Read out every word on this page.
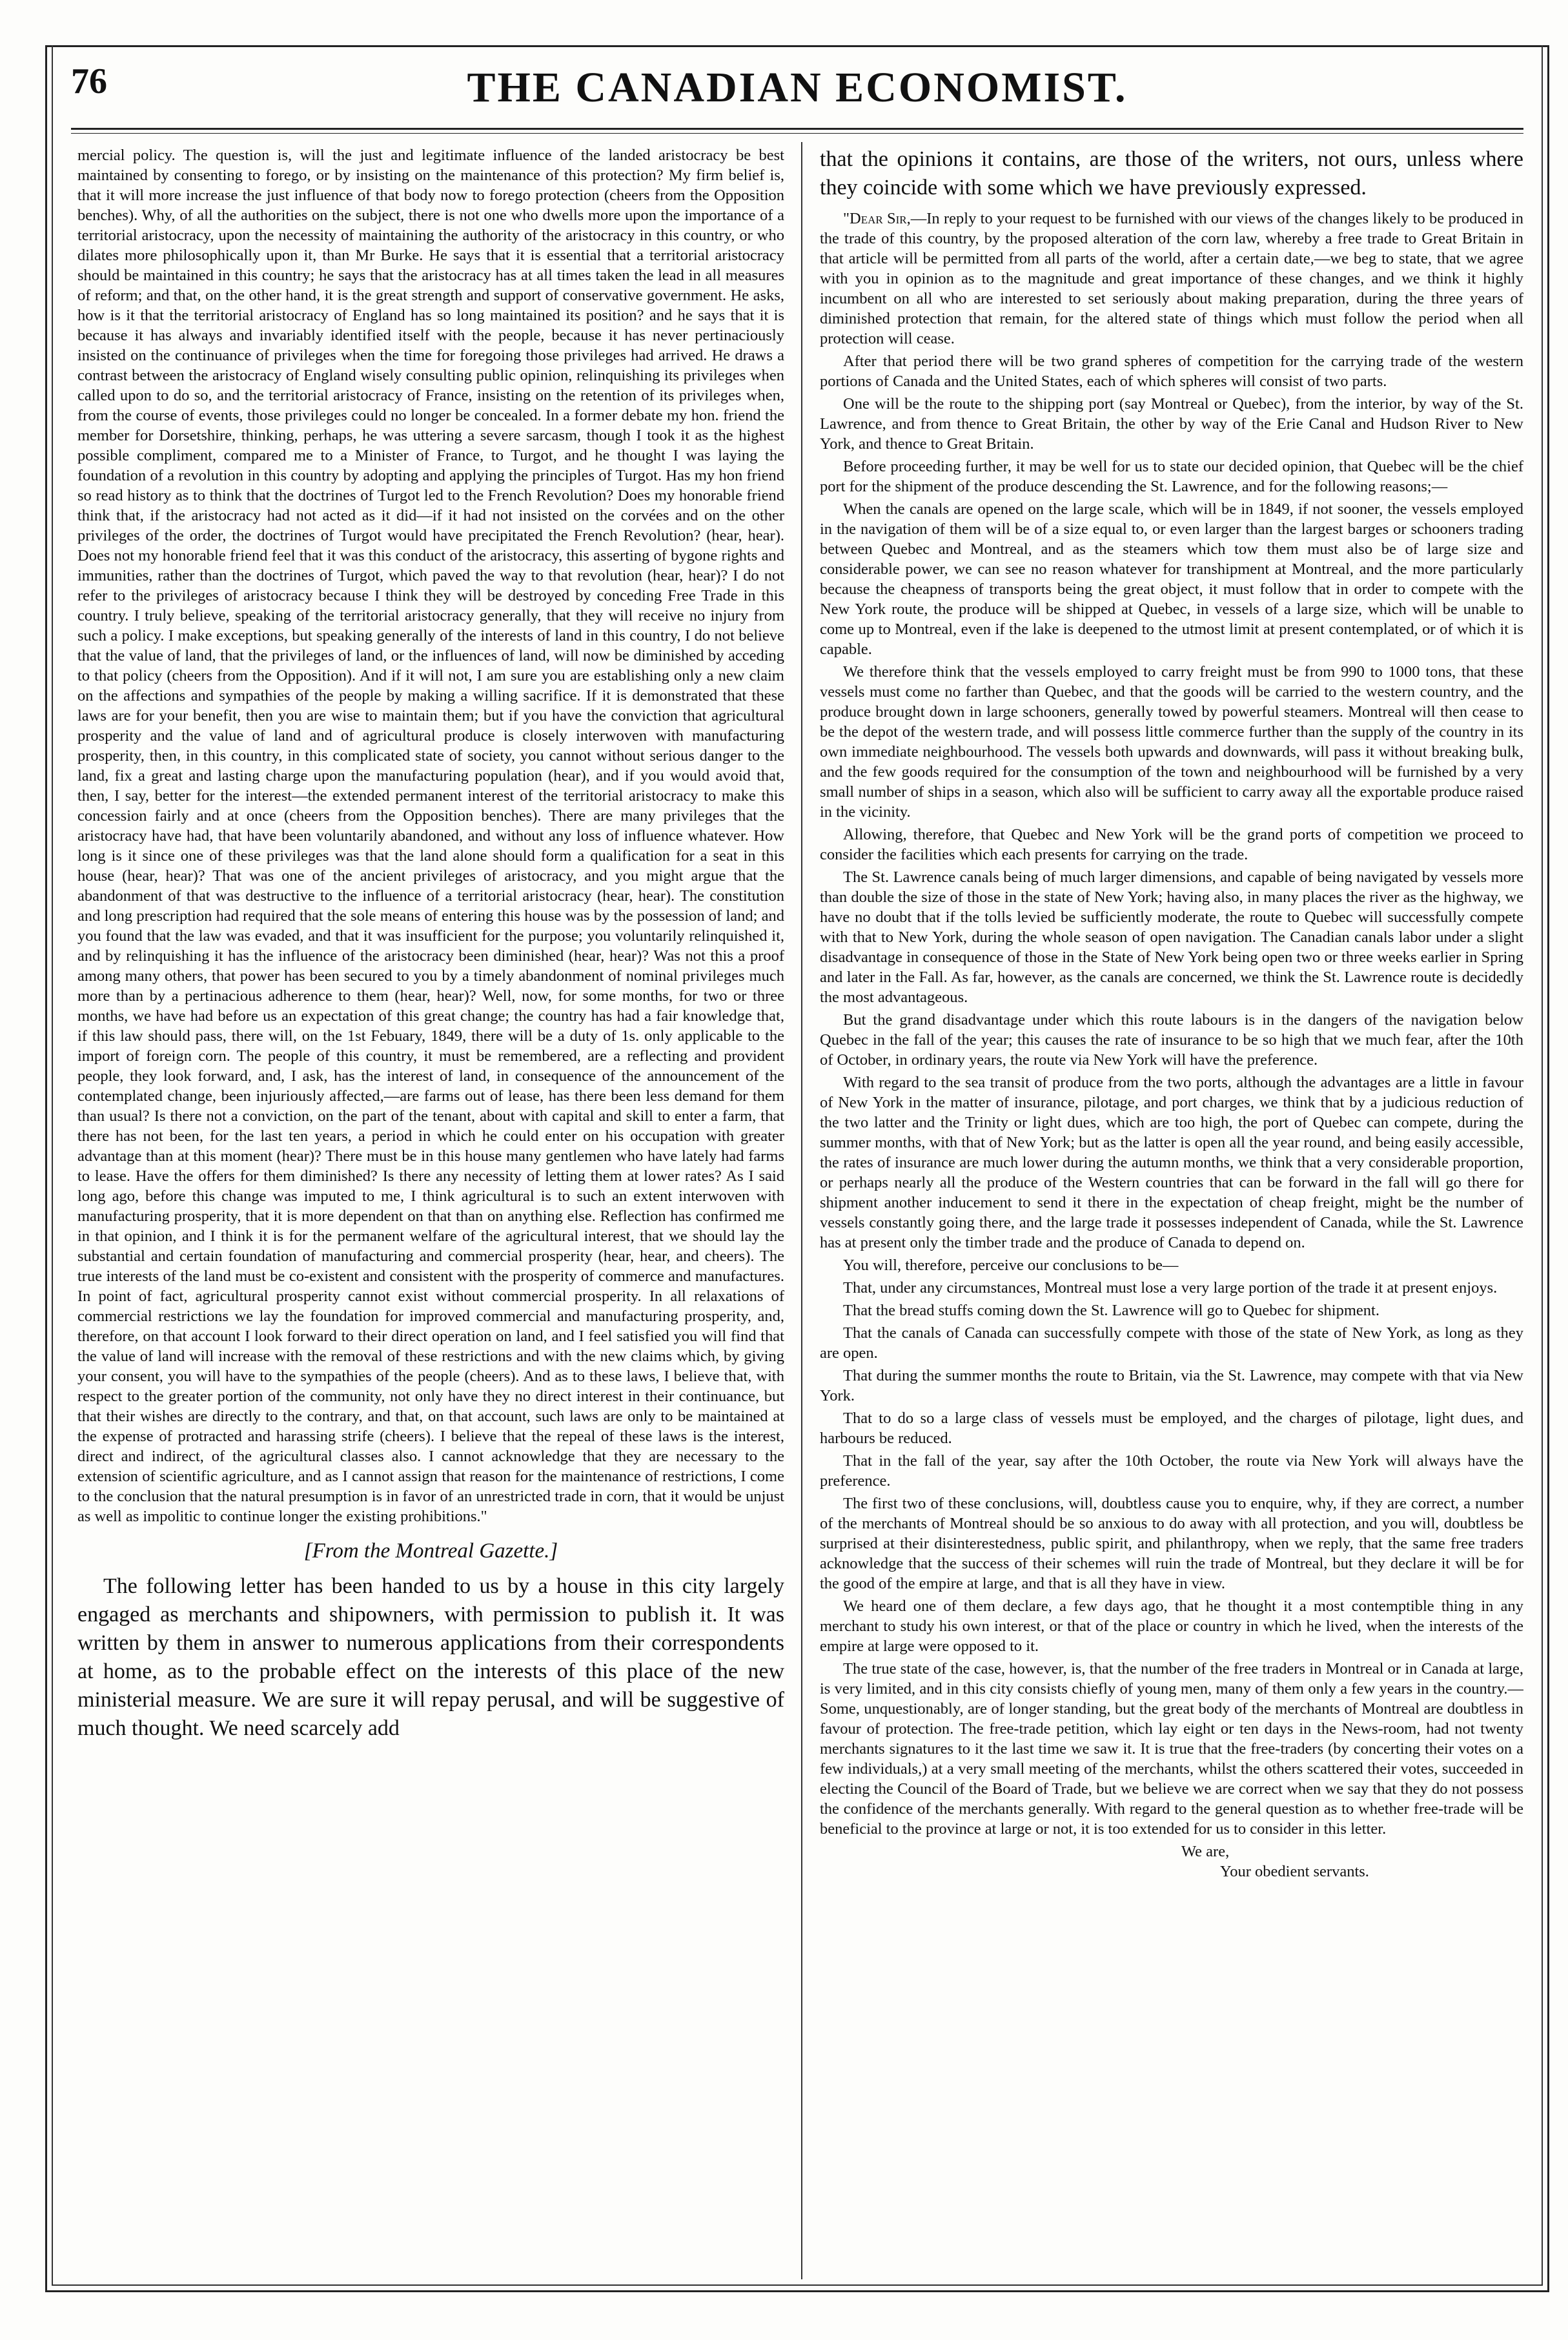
76	THE CANADIAN ECONOMIST.

mercial policy. The question is, will the just and legitimate influence of the landed aristocracy be best maintained by consenting to forego, or by insisting on the maintenance of this protection? My firm belief is, that it will more increase the just influence of that body now to forego protection (cheers from the Opposition benches). Why, of all the authorities on the subject, there is not one who dwells more upon the importance of a territorial aristocracy, upon the necessity of maintaining the authority of the aristocracy in this country, or who dilates more philosophically upon it, than Mr Burke. He says that it is essential that a territorial aristocracy should be maintained in this country; he says that the aristocracy has at all times taken the lead in all measures of reform; and that, on the other hand, it is the great strength and support of conservative government. He asks, how is it that the territorial aristocracy of England has so long maintained its position? and he says that it is because it has always and invariably identified itself with the people, because it has never pertinaciously insisted on the continuance of privileges when the time for foregoing those privileges had arrived. He draws a contrast between the aristocracy of England wisely consulting public opinion, relinquishing its privileges when called upon to do so, and the territorial aristocracy of France, insisting on the retention of its privileges when, from the course of events, those privileges could no longer be concealed. In a former debate my hon. friend the member for Dorsetshire, thinking, perhaps, he was uttering a severe sarcasm, though I took it as the highest possible compliment, compared me to a Minister of France, to Turgot, and he thought I was laying the foundation of a revolution in this country by adopting and applying the principles of Turgot. Has my hon friend so read history as to think that the doctrines of Turgot led to the French Revolution? Does my honorable friend think that, if the aristocracy had not acted as it did—if it had not insisted on the corvées and on the other privileges of the order, the doctrines of Turgot would have precipitated the French Revolution? (hear, hear). Does not my honorable friend feel that it was this conduct of the aristocracy, this asserting of bygone rights and immunities, rather than the doctrines of Turgot, which paved the way to that revolution (hear, hear)? I do not refer to the privileges of aristocracy because I think they will be destroyed by conceding Free Trade in this country. I truly believe, speaking of the territorial aristocracy generally, that they will receive no injury from such a policy. I make exceptions, but speaking generally of the interests of land in this country, I do not believe that the value of land, that the privileges of land, or the influences of land, will now be diminished by acceding to that policy (cheers from the Opposition). And if it will not, I am sure you are establishing only a new claim on the affections and sympathies of the people by making a willing sacrifice. If it is demonstrated that these laws are for your benefit, then you are wise to maintain them; but if you have the conviction that agricultural prosperity and the value of land and of agricultural produce is closely interwoven with manufacturing prosperity, then, in this country, in this complicated state of society, you cannot without serious danger to the land, fix a great and lasting charge upon the manufacturing population (hear), and if you would avoid that, then, I say, better for the interest—the extended permanent interest of the territorial aristocracy to make this concession fairly and at once (cheers from the Opposition benches). There are many privileges that the aristocracy have had, that have been voluntarily abandoned, and without any loss of influence whatever. How long is it since one of these privileges was that the land alone should form a qualification for a seat in this house (hear, hear)? That was one of the ancient privileges of aristocracy, and you might argue that the abandonment of that was destructive to the influence of a territorial aristocracy (hear, hear). The constitution and long prescription had required that the sole means of entering this house was by the possession of land; and you found that the law was evaded, and that it was insufficient for the purpose; you voluntarily relinquished it, and by relinquishing it has the influence of the aristocracy been diminished (hear, hear)? Was not this a proof among many others, that power has been secured to you by a timely abandonment of nominal privileges much more than by a pertinacious adherence to them (hear, hear)? Well, now, for some months, for two or three months, we have had before us an expectation of this great change; the country has had a fair knowledge that, if this law should pass, there will, on the 1st Febuary, 1849, there will be a duty of 1s. only applicable to the import of foreign corn. The people of this country, it must be remembered, are a reflecting and provident people, they look forward, and, I ask, has the interest of land, in consequence of the announcement of the contemplated change, been injuriously affected,—are farms out of lease, has there been less demand for them than usual? Is there not a conviction, on the part of the tenant, about with capital and skill to enter a farm, that there has not been, for the last ten years, a period in which he could enter on his occupation with greater advantage than at this moment (hear)? There must be in this house many gentlemen who have lately had farms to lease. Have the offers for them diminished? Is there any necessity of letting them at lower rates? As I said long ago, before this change was imputed to me, I think agricultural is to such an extent interwoven with manufacturing prosperity, that it is more dependent on that than on anything else. Reflection has confirmed me in that opinion, and I think it is for the permanent welfare of the agricultural interest, that we should lay the substantial and certain foundation of manufacturing and commercial prosperity (hear, hear, and cheers). The true interests of the land must be co-existent and consistent with the prosperity of commerce and manufactures. In point of fact, agricultural prosperity cannot exist without commercial prosperity. In all relaxations of commercial restrictions we lay the foundation for improved commercial and manufacturing prosperity, and, therefore, on that account I look forward to their direct operation on land, and I feel satisfied you will find that the value of land will increase with the removal of these restrictions and with the new claims which, by giving your consent, you will have to the sympathies of the people (cheers). And as to these laws, I believe that, with respect to the greater portion of the community, not only have they no direct interest in their continuance, but that their wishes are directly to the contrary, and that, on that account, such laws are only to be maintained at the expense of protracted and harassing strife (cheers). I believe that the repeal of these laws is the interest, direct and indirect, of the agricultural classes also. I cannot acknowledge that they are necessary to the extension of scientific agriculture, and as I cannot assign that reason for the maintenance of restrictions, I come to the conclusion that the natural presumption is in favor of an unrestricted trade in corn, that it would be unjust as well as impolitic to continue longer the existing prohibitions."

[From the Montreal Gazette.]

The following letter has been handed to us by a house in this city largely engaged as merchants and shipowners, with permission to publish it. It was written by them in answer to numerous applications from their correspondents at home, as to the probable effect on the interests of this place of the new ministerial measure. We are sure it will repay perusal, and will be suggestive of much thought. We need scarcely add

that the opinions it contains, are those of the writers, not ours, unless where they coincide with some which we have previously expressed.

"Dear Sir,—In reply to your request to be furnished with our views of the changes likely to be produced in the trade of this country, by the proposed alteration of the corn law, whereby a free trade to Great Britain in that article will be permitted from all parts of the world, after a certain date,—we beg to state, that we agree with you in opinion as to the magnitude and great importance of these changes, and we think it highly incumbent on all who are interested to set seriously about making preparation, during the three years of diminished protection that remain, for the altered state of things which must follow the period when all protection will cease.

After that period there will be two grand spheres of competition for the carrying trade of the western portions of Canada and the United States, each of which spheres will consist of two parts.

One will be the route to the shipping port (say Montreal or Quebec), from the interior, by way of the St. Lawrence, and from thence to Great Britain, the other by way of the Erie Canal and Hudson River to New York, and thence to Great Britain.

Before proceeding further, it may be well for us to state our decided opinion, that Quebec will be the chief port for the shipment of the produce descending the St. Lawrence, and for the following reasons;—

When the canals are opened on the large scale, which will be in 1849, if not sooner, the vessels employed in the navigation of them will be of a size equal to, or even larger than the largest barges or schooners trading between Quebec and Montreal, and as the steamers which tow them must also be of large size and considerable power, we can see no reason whatever for transhipment at Montreal, and the more particularly because the cheapness of transports being the great object, it must follow that in order to compete with the New York route, the produce will be shipped at Quebec, in vessels of a large size, which will be unable to come up to Montreal, even if the lake is deepened to the utmost limit at present contemplated, or of which it is capable.

We therefore think that the vessels employed to carry freight must be from 990 to 1000 tons, that these vessels must come no farther than Quebec, and that the goods will be carried to the western country, and the produce brought down in large schooners, generally towed by powerful steamers. Montreal will then cease to be the depot of the western trade, and will possess little commerce further than the supply of the country in its own immediate neighbourhood. The vessels both upwards and downwards, will pass it without breaking bulk, and the few goods required for the consumption of the town and neighbourhood will be furnished by a very small number of ships in a season, which also will be sufficient to carry away all the exportable produce raised in the vicinity.

Allowing, therefore, that Quebec and New York will be the grand ports of competition we proceed to consider the facilities which each presents for carrying on the trade.

The St. Lawrence canals being of much larger dimensions, and capable of being navigated by vessels more than double the size of those in the state of New York; having also, in many places the river as the highway, we have no doubt that if the tolls levied be sufficiently moderate, the route to Quebec will successfully compete with that to New York, during the whole season of open navigation. The Canadian canals labor under a slight disadvantage in consequence of those in the State of New York being open two or three weeks earlier in Spring and later in the Fall. As far, however, as the canals are concerned, we think the St. Lawrence route is decidedly the most advantageous.

But the grand disadvantage under which this route labours is in the dangers of the navigation below Quebec in the fall of the year; this causes the rate of insurance to be so high that we much fear, after the 10th of October, in ordinary years, the route via New York will have the preference.

With regard to the sea transit of produce from the two ports, although the advantages are a little in favour of New York in the matter of insurance, pilotage, and port charges, we think that by a judicious reduction of the two latter and the Trinity or light dues, which are too high, the port of Quebec can compete, during the summer months, with that of New York; but as the latter is open all the year round, and being easily accessible, the rates of insurance are much lower during the autumn months, we think that a very considerable proportion, or perhaps nearly all the produce of the Western countries that can be forward in the fall will go there for shipment another inducement to send it there in the expectation of cheap freight, might be the number of vessels constantly going there, and the large trade it possesses independent of Canada, while the St. Lawrence has at present only the timber trade and the produce of Canada to depend on.

You will, therefore, perceive our conclusions to be—

That, under any circumstances, Montreal must lose a very large portion of the trade it at present enjoys.

That the bread stuffs coming down the St. Lawrence will go to Quebec for shipment.

That the canals of Canada can successfully compete with those of the state of New York, as long as they are open.

That during the summer months the route to Britain, via the St. Lawrence, may compete with that via New York.

That to do so a large class of vessels must be employed, and the charges of pilotage, light dues, and harbours be reduced.

That in the fall of the year, say after the 10th October, the route via New York will always have the preference.

The first two of these conclusions, will, doubtless cause you to enquire, why, if they are correct, a number of the merchants of Montreal should be so anxious to do away with all protection, and you will, doubtless be surprised at their disinterestedness, public spirit, and philanthropy, when we reply, that the same free traders acknowledge that the success of their schemes will ruin the trade of Montreal, but they declare it will be for the good of the empire at large, and that is all they have in view.

We heard one of them declare, a few days ago, that he thought it a most contemptible thing in any merchant to study his own interest, or that of the place or country in which he lived, when the interests of the empire at large were opposed to it.

The true state of the case, however, is, that the number of the free traders in Montreal or in Canada at large, is very limited, and in this city consists chiefly of young men, many of them only a few years in the country.—Some, unquestionably, are of longer standing, but the great body of the merchants of Montreal are doubtless in favour of protection. The free-trade petition, which lay eight or ten days in the News-room, had not twenty merchants signatures to it the last time we saw it. It is true that the free-traders (by concerting their votes on a few individuals,) at a very small meeting of the merchants, whilst the others scattered their votes, succeeded in electing the Council of the Board of Trade, but we believe we are correct when we say that they do not possess the confidence of the merchants generally. With regard to the general question as to whether free-trade will be beneficial to the province at large or not, it is too extended for us to consider in this letter.

We are,
Your obedient servants.
